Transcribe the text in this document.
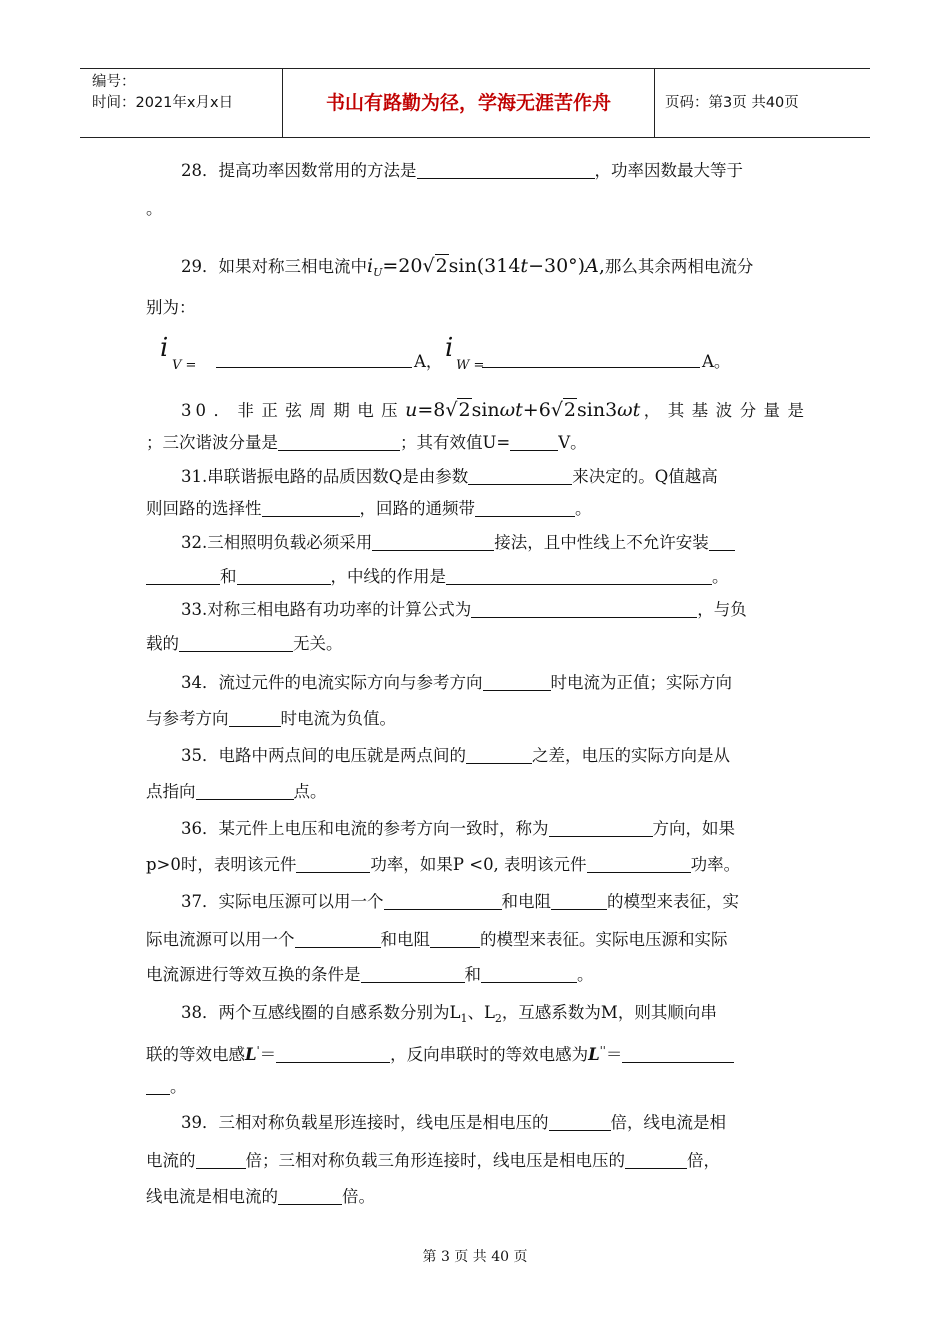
编号：
时间：2021年x月x日	书山有路勤为径，学海无涯苦作舟	页码：第3页 共40页
28．提高功率因数常用的方法是	，功率因数最大等于
。
29．如果对称三相电流中$i_U=20√2\sin(314t-30^\circ)A$,那么其余两相电流分
别为：
i
V =	A， i
W =	A。
30．非正弦周期电压u=8√2sinωt+6√2sin3ωt，其基波分量是
；三次谐波分量是	；其有效值U=	V。
31.串联谐振电路的品质因数Q是由参数	来决定的。Q值越高
则回路的选择性	，回路的通频带	。
32.三相照明负载必须采用	接法，且中性线上不允许安装
和	，中线的作用是	。
33.对称三相电路有功功率的计算公式为	，与负
载的	无关。
34．流过元件的电流实际方向与参考方向	时电流为正值；实际方向
与参考方向	时电流为负值。
35．电路中两点间的电压就是两点间的	之差，电压的实际方向是从
点指向	点。
36．某元件上电压和电流的参考方向一致时，称为	方向，如果
p>0时，表明该元件	功率，如果P <0, 表明该元件	功率。
37．实际电压源可以用一个	和电阻	的模型来表征，实
际电流源可以用一个	和电阻	的模型来表征。实际电压源和实际
电流源进行等效互换的条件是	和	。
38．两个互感线圈的自感系数分别为$L_1$、$L_2$，互感系数为M，则其顺向串
联的等效电感L'＝	，反向串联时的等效电感为L''＝
。
39．三相对称负载星形连接时，线电压是相电压的	倍，线电流是相
电流的	倍；三相对称负载三角形连接时，线电压是相电压的	倍，
线电流是相电流的	倍。
第 3 页 共 40 页
